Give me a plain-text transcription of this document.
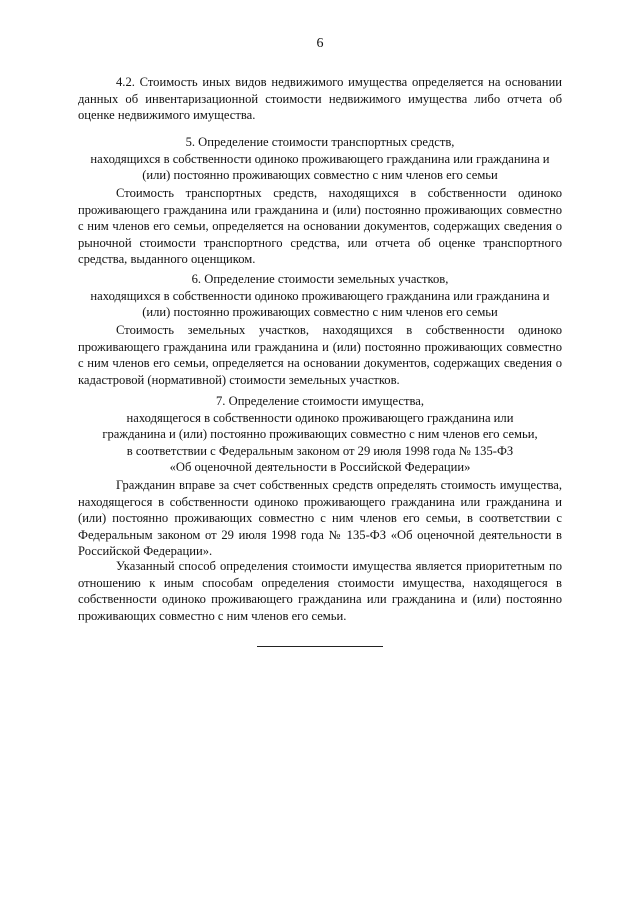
6

4.2. Стоимость иных видов недвижимого имущества определяется на основании данных об инвентаризационной стоимости недвижимого имущества либо отчета об оценке недвижимого имущества.

5. Определение стоимости транспортных средств,
находящихся в собственности одиноко проживающего гражданина или гражданина и
(или) постоянно проживающих совместно с ним членов его семьи

Стоимость транспортных средств, находящихся в собственности одиноко проживающего гражданина или гражданина и (или) постоянно проживающих совместно с ним членов его семьи, определяется на основании документов, содержащих сведения о рыночной стоимости транспортного средства, или отчета об оценке транспортного средства, выданного оценщиком.

6. Определение стоимости земельных участков,
находящихся в собственности одиноко проживающего гражданина или гражданина и
(или) постоянно проживающих совместно с ним членов его семьи

Стоимость земельных участков, находящихся в собственности одиноко проживающего гражданина или гражданина и (или) постоянно проживающих совместно с ним членов его семьи, определяется на основании документов, содержащих сведения о кадастровой (нормативной) стоимости земельных участков.

7. Определение стоимости имущества,
находящегося в собственности одиноко проживающего гражданина или
гражданина и (или) постоянно проживающих совместно с ним членов его семьи,
в соответствии с Федеральным законом от 29 июля 1998 года № 135-ФЗ
«Об оценочной деятельности в Российской Федерации»

Гражданин вправе за счет собственных средств определять стоимость имущества, находящегося в собственности одиноко проживающего гражданина или гражданина и (или) постоянно проживающих совместно с ним членов его семьи, в соответствии с Федеральным законом от 29 июля 1998 года № 135-ФЗ «Об оценочной деятельности в Российской Федерации».

Указанный способ определения стоимости имущества является приоритетным по отношению к иным способам определения стоимости имущества, находящегося в собственности одиноко проживающего гражданина или гражданина и (или) постоянно проживающих совместно с ним членов его семьи.
